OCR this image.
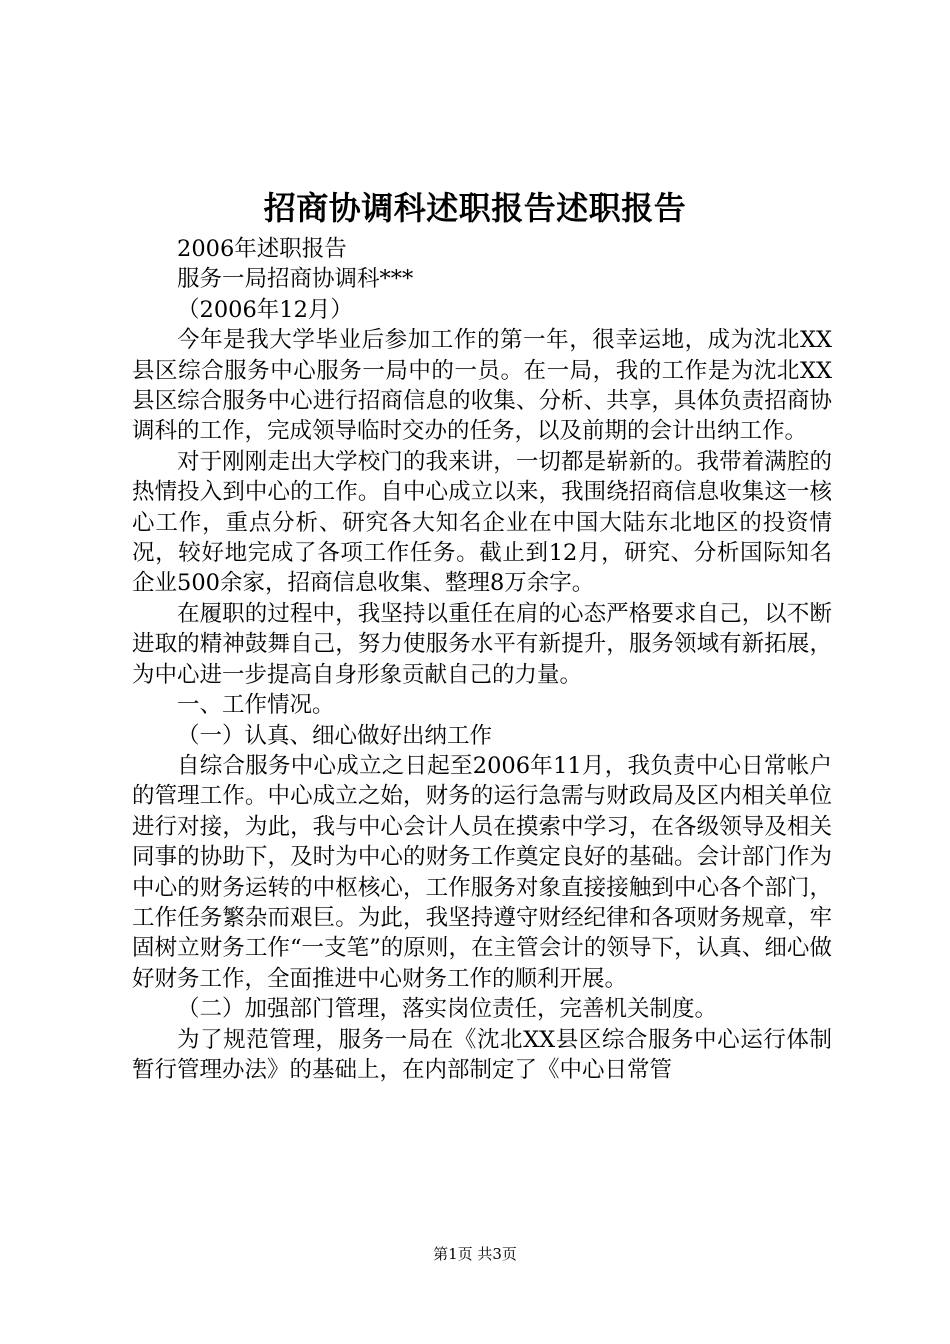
招商协调科述职报告述职报告

2006年述职报告

服务一局招商协调科***

（2006年12月）

今年是我大学毕业后参加工作的第一年，很幸运地，成为沈北XX县区综合服务中心服务一局中的一员。在一局，我的工作是为沈北XX县区综合服务中心进行招商信息的收集、分析、共享，具体负责招商协调科的工作，完成领导临时交办的任务，以及前期的会计出纳工作。

对于刚刚走出大学校门的我来讲，一切都是崭新的。我带着满腔的热情投入到中心的工作。自中心成立以来，我围绕招商信息收集这一核心工作，重点分析、研究各大知名企业在中国大陆东北地区的投资情况，较好地完成了各项工作任务。截止到12月，研究、分析国际知名企业500余家，招商信息收集、整理8万余字。

在履职的过程中，我坚持以重任在肩的心态严格要求自己，以不断进取的精神鼓舞自己，努力使服务水平有新提升，服务领域有新拓展，为中心进一步提高自身形象贡献自己的力量。

一、工作情况。

（一）认真、细心做好出纳工作

自综合服务中心成立之日起至2006年11月，我负责中心日常帐户的管理工作。中心成立之始，财务的运行急需与财政局及区内相关单位进行对接，为此，我与中心会计人员在摸索中学习，在各级领导及相关同事的协助下，及时为中心的财务工作奠定良好的基础。会计部门作为中心的财务运转的中枢核心，工作服务对象直接接触到中心各个部门，工作任务繁杂而艰巨。为此，我坚持遵守财经纪律和各项财务规章，牢固树立财务工作“一支笔”的原则，在主管会计的领导下，认真、细心做好财务工作，全面推进中心财务工作的顺利开展。

（二）加强部门管理，落实岗位责任，完善机关制度。

为了规范管理，服务一局在《沈北XX县区综合服务中心运行体制暂行管理办法》的基础上，在内部制定了《中心日常管

第1页 共3页
